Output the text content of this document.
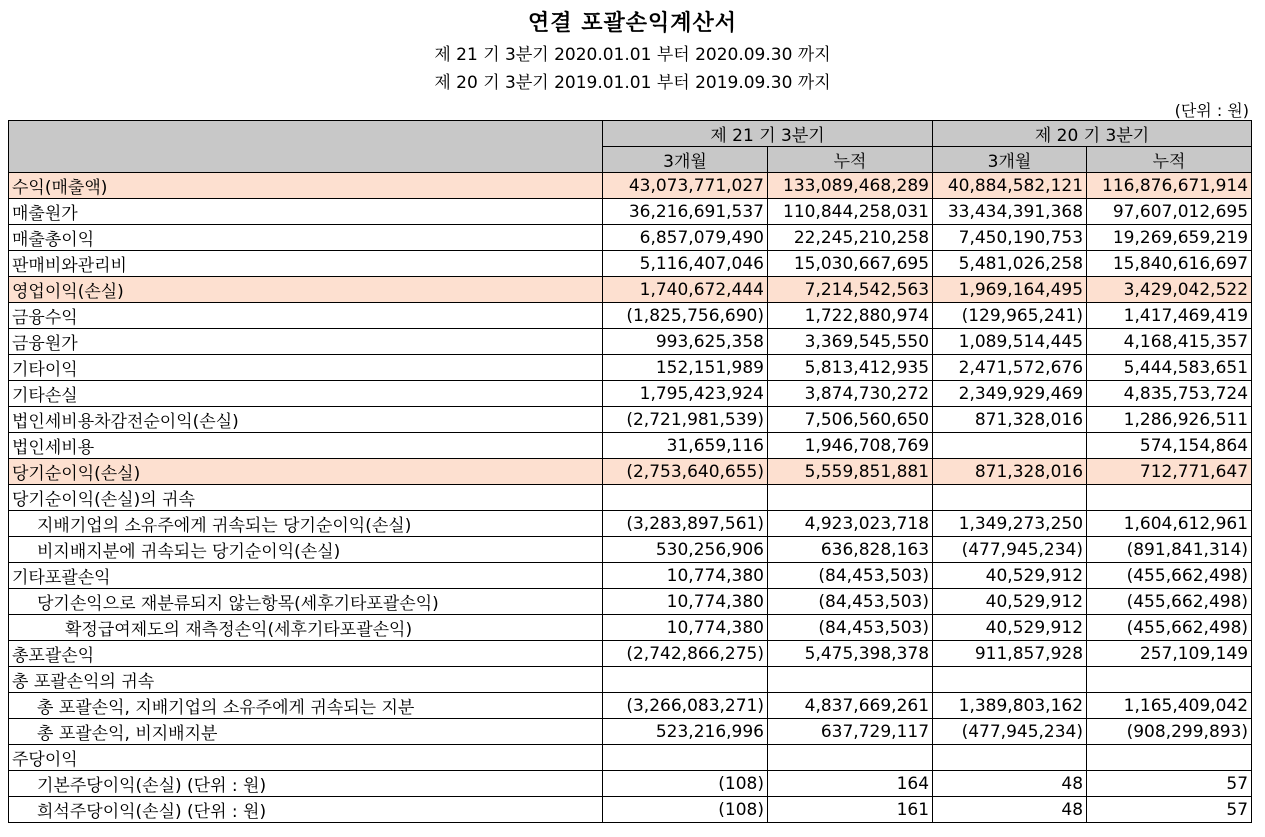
연결 포괄손익계산서
제 21 기 3분기 2020.01.01 부터 2020.09.30 까지
제 20 기 3분기 2019.01.01 부터 2019.09.30 까지
(단위 : 원)
	제 21 기 3분기		제 20 기 3분기	
	3개월	누적	3개월	누적
수익(매출액)	43,073,771,027	133,089,468,289	40,884,582,121	116,876,671,914
매출원가	36,216,691,537	110,844,258,031	33,434,391,368	97,607,012,695
매출총이익	6,857,079,490	22,245,210,258	7,450,190,753	19,269,659,219
판매비와관리비	5,116,407,046	15,030,667,695	5,481,026,258	15,840,616,697
영업이익(손실)	1,740,672,444	7,214,542,563	1,969,164,495	3,429,042,522
금융수익	(1,825,756,690)	1,722,880,974	(129,965,241)	1,417,469,419
금융원가	993,625,358	3,369,545,550	1,089,514,445	4,168,415,357
기타이익	152,151,989	5,813,412,935	2,471,572,676	5,444,583,651
기타손실	1,795,423,924	3,874,730,272	2,349,929,469	4,835,753,724
법인세비용차감전순이익(손실)	(2,721,981,539)	7,506,560,650	871,328,016	1,286,926,511
법인세비용	31,659,116	1,946,708,769		574,154,864
당기순이익(손실)	(2,753,640,655)	5,559,851,881	871,328,016	712,771,647
당기순이익(손실)의 귀속				
지배기업의 소유주에게 귀속되는 당기순이익(손실)	(3,283,897,561)	4,923,023,718	1,349,273,250	1,604,612,961
비지배지분에 귀속되는 당기순이익(손실)	530,256,906	636,828,163	(477,945,234)	(891,841,314)
기타포괄손익	10,774,380	(84,453,503)	40,529,912	(455,662,498)
당기손익으로 재분류되지 않는항목(세후기타포괄손익)	10,774,380	(84,453,503)	40,529,912	(455,662,498)
확정급여제도의 재측정손익(세후기타포괄손익)	10,774,380	(84,453,503)	40,529,912	(455,662,498)
총포괄손익	(2,742,866,275)	5,475,398,378	911,857,928	257,109,149
총 포괄손익의 귀속				
총 포괄손익, 지배기업의 소유주에게 귀속되는 지분	(3,266,083,271)	4,837,669,261	1,389,803,162	1,165,409,042
총 포괄손익, 비지배지분	523,216,996	637,729,117	(477,945,234)	(908,299,893)
주당이익				
기본주당이익(손실) (단위 : 원)	(108)	164	48	57
희석주당이익(손실) (단위 : 원)	(108)	161	48	57
